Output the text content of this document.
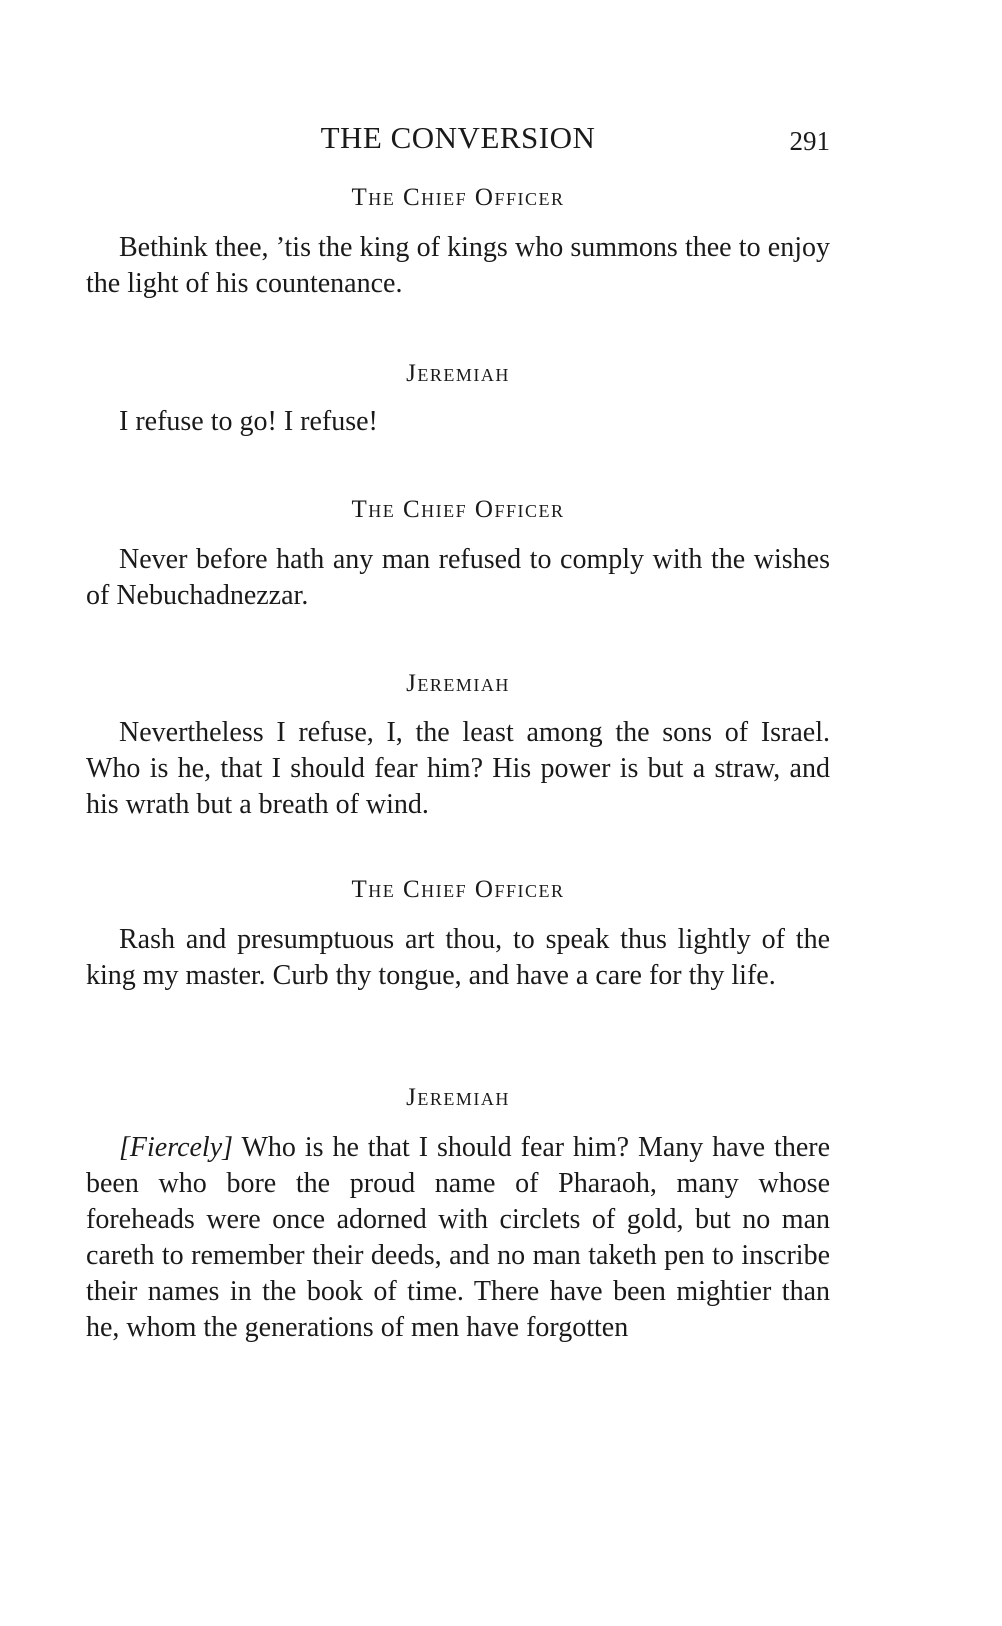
THE CONVERSION	291
The Chief Officer

Bethink thee, ’tis the king of kings who summons thee to enjoy the light of his countenance.

Jeremiah

I refuse to go! I refuse!

The Chief Officer

Never before hath any man refused to comply with the wishes of Nebuchadnezzar.

Jeremiah

Nevertheless I refuse, I, the least among the sons of Israel. Who is he, that I should fear him? His power is but a straw, and his wrath but a breath of wind.

The Chief Officer

Rash and presumptuous art thou, to speak thus lightly of the king my master. Curb thy tongue, and have a care for thy life.

Jeremiah

[Fiercely] Who is he that I should fear him? Many have there been who bore the proud name of Pharaoh, many whose foreheads were once adorned with circlets of gold, but no man careth to remember their deeds, and no man taketh pen to inscribe their names in the book of time. There have been mightier than he, whom the generations of men have forgotten
